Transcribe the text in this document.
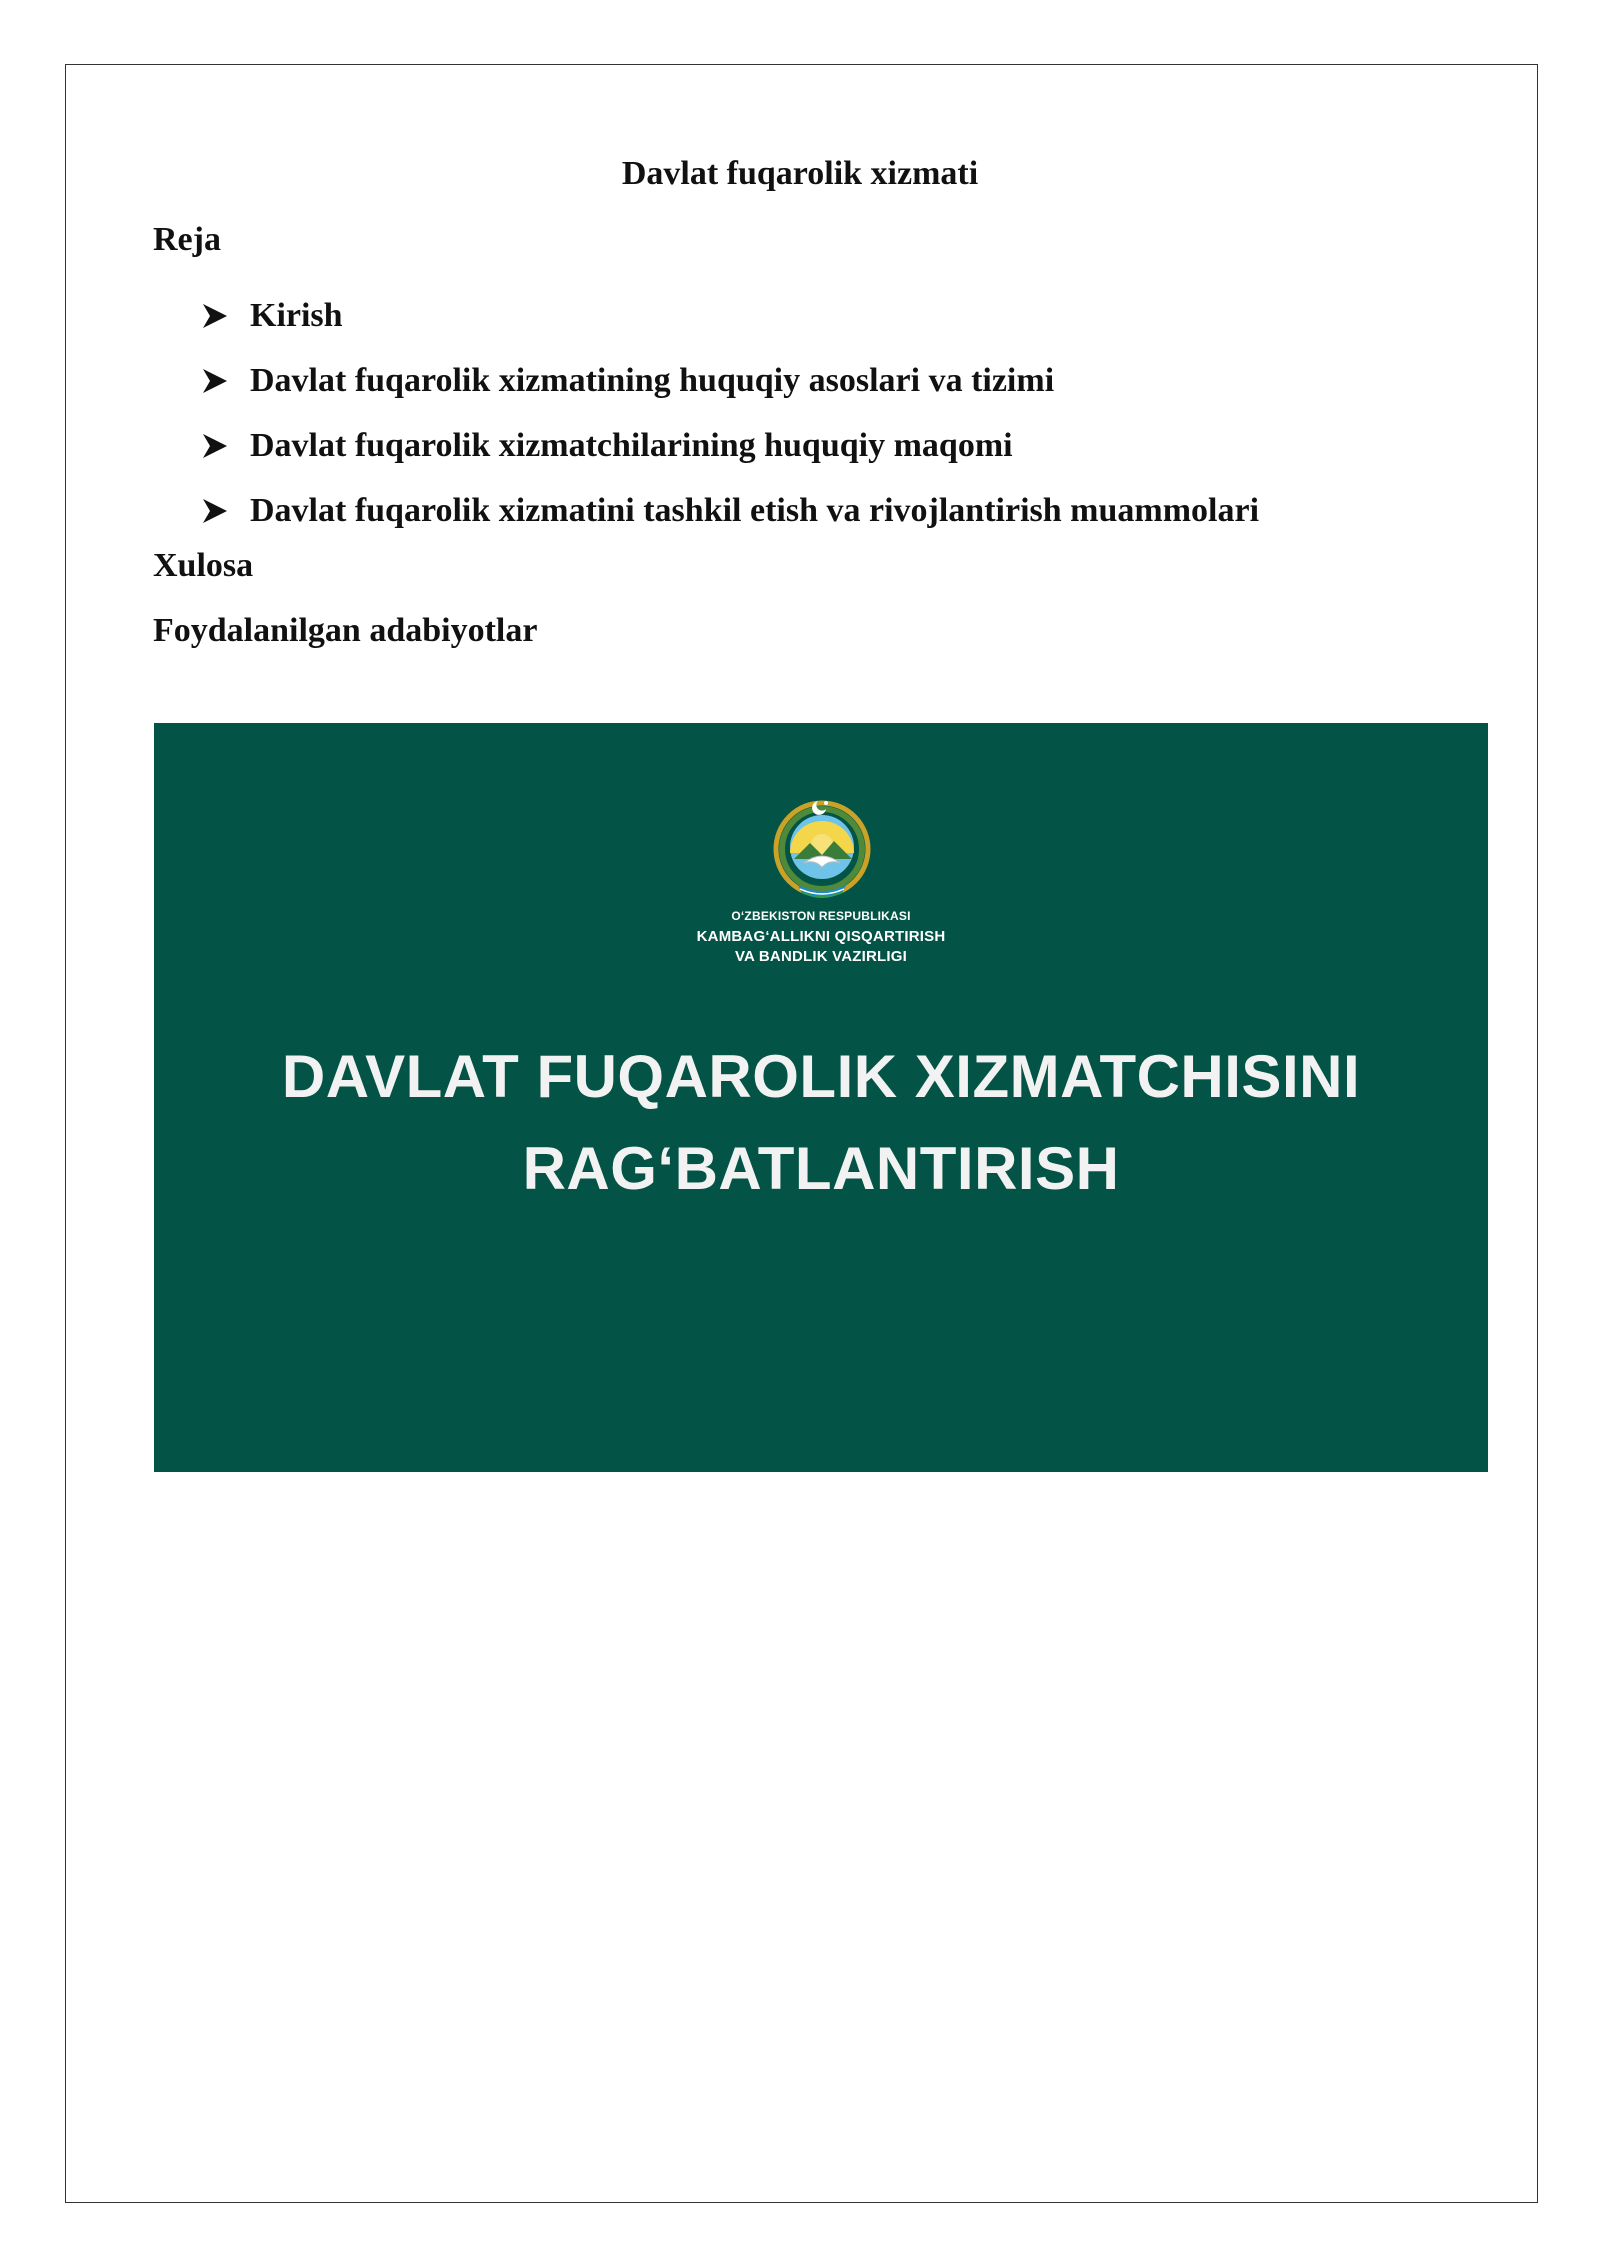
Davlat fuqarolik xizmati
Reja
Kirish
Davlat fuqarolik xizmatining huquqiy asoslari va tizimi
Davlat fuqarolik xizmatchilarining huquqiy maqomi
Davlat fuqarolik xizmatini tashkil etish va rivojlantirish muammolari
Xulosa
Foydalanilgan adabiyotlar
O‘ZBEKISTON RESPUBLIKASI
KAMBAG‘ALLIKNI QISQARTIRISH
VA BANDLIK VAZIRLIGI
DAVLAT FUQAROLIK XIZMATCHISINI
RAG‘BATLANTIRISH
